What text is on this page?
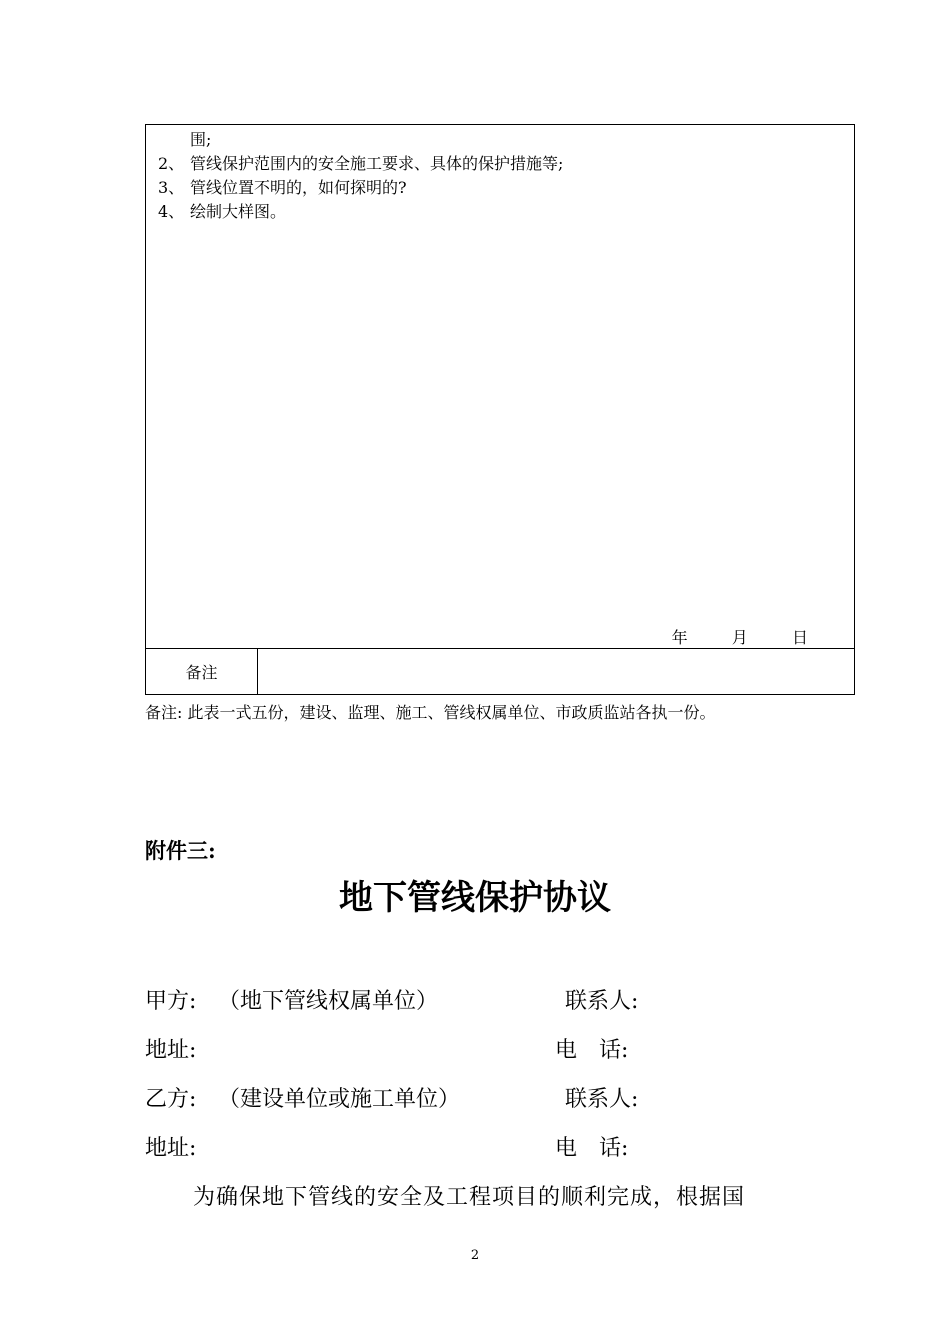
围;
2、 管线保护范围内的安全施工要求、具体的保护措施等;
3、 管线位置不明的，如何探明的?
4、 绘制大样图。
年	月	日
备注
备注: 此表一式五份，建设、监理、施工、管线权属单位、市政质监站各执一份。
附件三:
地下管线保护协议
甲方: （地下管线权属单位）	联系人:
地址:	电　话:
乙方: （建设单位或施工单位）	联系人:
地址:	电　话:
为确保地下管线的安全及工程项目的顺利完成，根据国
2
